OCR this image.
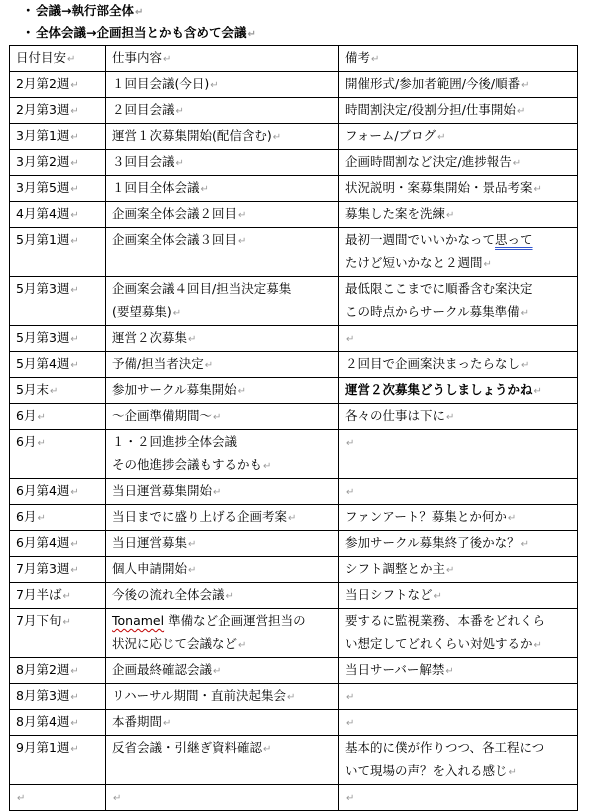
・会議→執行部全体↵
・全体会議→企画担当とかも含めて会議↵
日付目安↵	仕事内容↵	備考↵
2月第2週↵	１回目会議(今日)↵	開催形式/参加者範囲/今後/順番↵

2月第3週↵	２回目会議↵	時間割決定/役割分担/仕事開始↵

3月第1週↵	運営１次募集開始(配信含む)↵	フォーム/ブログ↵

3月第2週↵	３回目会議↵	企画時間割など決定/進捗報告↵

3月第5週↵	１回目全体会議↵	状況説明・案募集開始・景品考案↵

4月第4週↵	企画案全体会議２回目↵	募集した案を洗練↵

5月第1週↵	企画案全体会議３回目↵	最初一週間でいいかなって思って
たけど短いかなと２週間↵

5月第3週↵	企画案会議４回目/担当決定募集
(要望募集)↵	最低限ここまでに順番含む案決定
この時点からサークル募集準備↵

5月第3週↵	運営２次募集↵	↵

5月第4週↵	予備/担当者決定↵	２回目で企画案決まったらなし↵

5月末↵	参加サークル募集開始↵	運営２次募集どうしましょうかね↵

6月↵	～企画準備期間～↵	各々の仕事は下に↵

6月↵	１・２回進捗全体会議
その他進捗会議もするかも↵	↵

6月第4週↵	当日運営募集開始↵	↵

6月↵	当日までに盛り上げる企画考案↵	ファンアート？募集とか何か↵

6月第4週↵	当日運営募集↵	参加サークル募集終了後かな？↵

7月第3週↵	個人申請開始↵	シフト調整とか主↵

7月半ば↵	今後の流れ全体会議↵	当日シフトなど↵

7月下旬↵	Tonamel 準備など企画運営担当の
状況に応じて会議など↵	要するに監視業務、本番をどれくら
い想定してどれくらい対処するか↵

8月第2週↵	企画最終確認会議↵	当日サーバー解禁↵

8月第3週↵	リハーサル期間・直前決起集会↵	↵

8月第4週↵	本番期間↵	↵

9月第1週↵	反省会議・引継ぎ資料確認↵	基本的に僕が作りつつ、各工程につ
いて現場の声？を入れる感じ↵

↵	↵	↵
